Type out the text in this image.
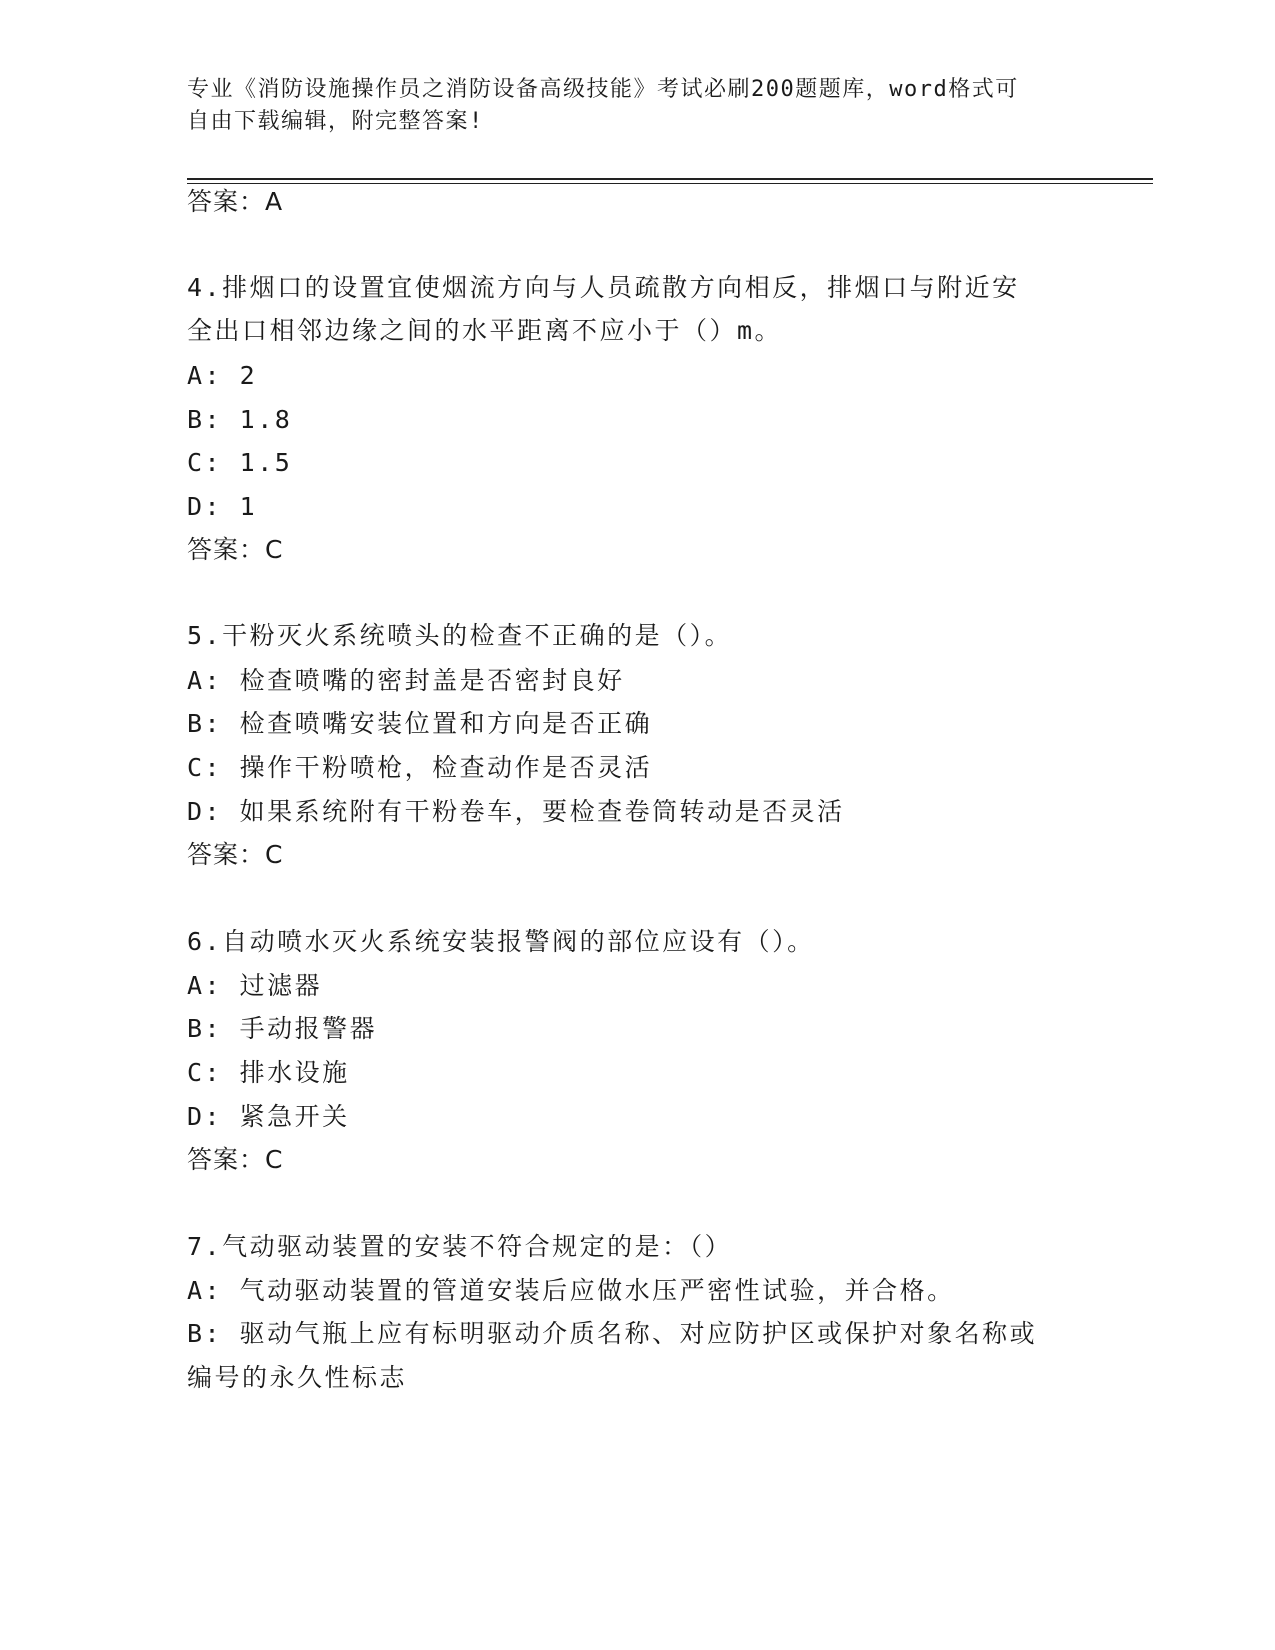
专业《消防设施操作员之消防设备高级技能》考试必刷200题题库，word格式可
自由下载编辑，附完整答案!
答案：A
4.排烟口的设置宜使烟流方向与人员疏散方向相反，排烟口与附近安
全出口相邻边缘之间的水平距离不应小于（）m。
A: 2
B: 1.8
C: 1.5
D: 1
答案：C
5.干粉灭火系统喷头的检查不正确的是（）。
A: 检查喷嘴的密封盖是否密封良好
B: 检查喷嘴安装位置和方向是否正确
C: 操作干粉喷枪，检查动作是否灵活
D: 如果系统附有干粉卷车，要检查卷筒转动是否灵活
答案：C
6.自动喷水灭火系统安装报警阀的部位应设有（）。
A: 过滤器
B: 手动报警器
C: 排水设施
D: 紧急开关
答案：C
7.气动驱动装置的安装不符合规定的是：（）
A: 气动驱动装置的管道安装后应做水压严密性试验，并合格。
B: 驱动气瓶上应有标明驱动介质名称、对应防护区或保护对象名称或
编号的永久性标志
